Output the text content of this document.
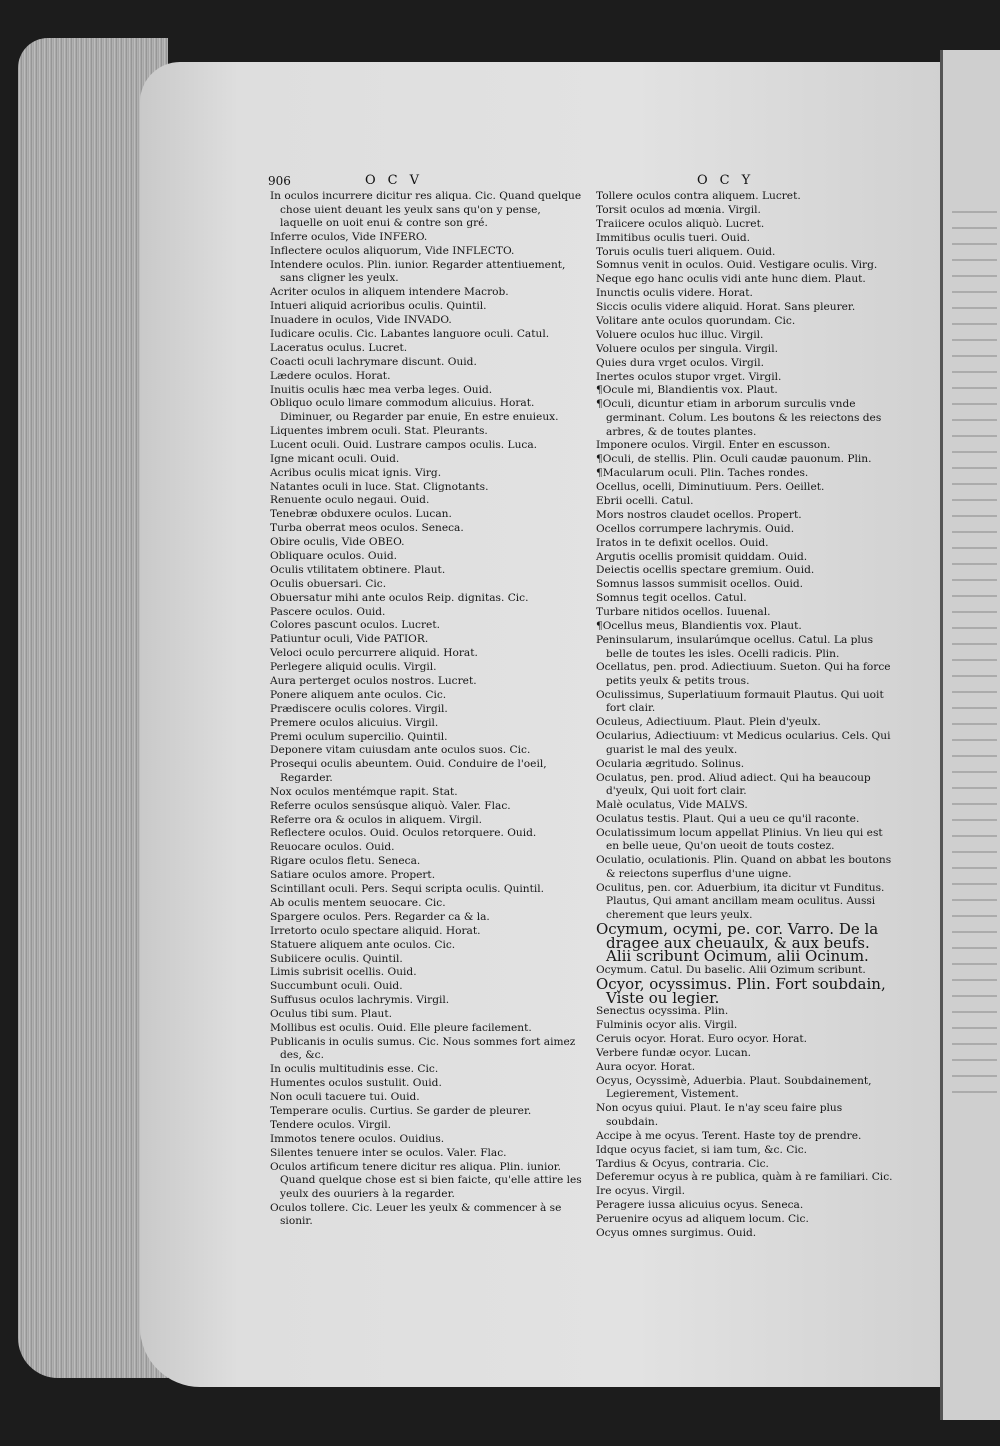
906	OCV	OCY
In oculos incurrere dicitur res aliqua. Cic. Quand quelque chose uient deuant les yeulx sans qu'on y pense, laquelle on uoit enui & contre son gré.
Inferre oculos, Vide INFERO.
Inflectere oculos aliquorum, Vide INFLECTO.
Intendere oculos. Plin. iunior. Regarder attentiuement, sans cligner les yeulx.
Acriter oculos in aliquem intendere Macrob.
Intueri aliquid acrioribus oculis. Quintil.
Inuadere in oculos, Vide INVADO.
Iudicare oculis. Cic. Labantes languore oculi. Catul.
Laceratus oculus. Lucret.
Coacti oculi lachrymare discunt. Ouid.
Lædere oculos. Horat.
Inuitis oculis hæc mea verba leges. Ouid.
Obliquo oculo limare commodum alicuius. Horat. Diminuer, ou Regarder par enuie, En estre enuieux.
Liquentes imbrem oculi. Stat. Pleurants.
Lucent oculi. Ouid. Lustrare campos oculis. Luca.
Igne micant oculi. Ouid.
Acribus oculis micat ignis. Virg.
Natantes oculi in luce. Stat. Clignotants.
Renuente oculo negaui. Ouid.
Tenebræ obduxere oculos. Lucan.
Turba oberrat meos oculos. Seneca.
Obire oculis, Vide OBEO.
Obliquare oculos. Ouid.
Oculis vtilitatem obtinere. Plaut.
Oculis obuersari. Cic.
Obuersatur mihi ante oculos Reip. dignitas. Cic.
Pascere oculos. Ouid.
Colores pascunt oculos. Lucret.
Patiuntur oculi, Vide PATIOR.
Veloci oculo percurrere aliquid. Horat.
Perlegere aliquid oculis. Virgil.
Aura perterget oculos nostros. Lucret.
Ponere aliquem ante oculos. Cic.
Prædiscere oculis colores. Virgil.
Premere oculos alicuius. Virgil.
Premi oculum supercilio. Quintil.
Deponere vitam cuiusdam ante oculos suos. Cic.
Prosequi oculis abeuntem. Ouid. Conduire de l'oeil, Regarder.
Nox oculos mentémque rapit. Stat.
Referre oculos sensúsque aliquò. Valer. Flac.
Referre ora & oculos in aliquem. Virgil.
Reflectere oculos. Ouid. Oculos retorquere. Ouid.
Reuocare oculos. Ouid.
Rigare oculos fletu. Seneca.
Satiare oculos amore. Propert.
Scintillant oculi. Pers. Sequi scripta oculis. Quintil.
Ab oculis mentem seuocare. Cic.
Spargere oculos. Pers. Regarder ca & la.
Irretorto oculo spectare aliquid. Horat.
Statuere aliquem ante oculos. Cic.
Subiicere oculis. Quintil.
Limis subrisit ocellis. Ouid.
Succumbunt oculi. Ouid.
Suffusus oculos lachrymis. Virgil.
Oculus tibi sum. Plaut.
Mollibus est oculis. Ouid. Elle pleure facilement.
Publicanis in oculis sumus. Cic. Nous sommes fort aimez des, &c.
In oculis multitudinis esse. Cic.
Humentes oculos sustulit. Ouid.
Non oculi tacuere tui. Ouid.
Temperare oculis. Curtius. Se garder de pleurer.
Tendere oculos. Virgil.
Immotos tenere oculos. Ouidius.
Silentes tenuere inter se oculos. Valer. Flac.
Oculos artificum tenere dicitur res aliqua. Plin. iunior. Quand quelque chose est si bien faicte, qu'elle attire les yeulx des ouuriers à la regarder.
Oculos tollere. Cic. Leuer les yeulx & commencer à se sionir.
Tollere oculos contra aliquem. Lucret.
Torsit oculos ad mœnia. Virgil.
Traiicere oculos aliquò. Lucret.
Immitibus oculis tueri. Ouid.
Toruis oculis tueri aliquem. Ouid.
Somnus venit in oculos. Ouid. Vestigare oculis. Virg.
Neque ego hanc oculis vidi ante hunc diem. Plaut.
Inunctis oculis videre. Horat.
Siccis oculis videre aliquid. Horat. Sans pleurer.
Volitare ante oculos quorundam. Cic.
Voluere oculos huc illuc. Virgil.
Voluere oculos per singula. Virgil.
Quies dura vrget oculos. Virgil.
Inertes oculos stupor vrget. Virgil.
¶Ocule mi, Blandientis vox. Plaut.
¶Oculi, dicuntur etiam in arborum surculis vnde germinant. Colum. Les boutons & les reiectons des arbres, & de toutes plantes.
Imponere oculos. Virgil. Enter en escusson.
¶Oculi, de stellis. Plin. Oculi caudæ pauonum. Plin.
¶Macularum oculi. Plin. Taches rondes.
Ocellus, ocelli, Diminutiuum. Pers. Oeillet.
Ebrii ocelli. Catul.
Mors nostros claudet ocellos. Propert.
Ocellos corrumpere lachrymis. Ouid.
Iratos in te defixit ocellos. Ouid.
Argutis ocellis promisit quiddam. Ouid.
Deiectis ocellis spectare gremium. Ouid.
Somnus lassos summisit ocellos. Ouid.
Somnus tegit ocellos. Catul.
Turbare nitidos ocellos. Iuuenal.
¶Ocellus meus, Blandientis vox. Plaut.
Peninsularum, insularúmque ocellus. Catul. La plus belle de toutes les isles. Ocelli radicis. Plin.
Ocellatus, pen. prod. Adiectiuum. Sueton. Qui ha force petits yeulx & petits trous.
Oculissimus, Superlatiuum formauit Plautus. Qui uoit fort clair.
Oculeus, Adiectiuum. Plaut. Plein d'yeulx.
Ocularius, Adiectiuum: vt Medicus ocularius. Cels. Qui guarist le mal des yeulx.
Ocularia ægritudo. Solinus.
Oculatus, pen. prod. Aliud adiect. Qui ha beaucoup d'yeulx, Qui uoit fort clair.
Malè oculatus, Vide MALVS.
Oculatus testis. Plaut. Qui a ueu ce qu'il raconte.
Oculatissimum locum appellat Plinius. Vn lieu qui est en belle ueue, Qu'on ueoit de touts costez.
Oculatio, oculationis. Plin. Quand on abbat les boutons & reiectons superflus d'une uigne.
Oculitus, pen. cor. Aduerbium, ita dicitur vt Funditus. Plautus, Qui amant ancillam meam oculitus. Aussi cherement que leurs yeulx.
Ocymum, ocymi, pe. cor. Varro. De la dragee aux cheuaulx, & aux beufs. Alii scribunt Ocimum, alii Ocinum.
Ocymum. Catul. Du baselic. Alii Ozimum scribunt.
Ocyor, ocyssimus. Plin. Fort soubdain, Viste ou legier.
Senectus ocyssima. Plin.
Fulminis ocyor alis. Virgil.
Ceruis ocyor. Horat. Euro ocyor. Horat.
Verbere fundæ ocyor. Lucan.
Aura ocyor. Horat.
Ocyus, Ocyssimè, Aduerbia. Plaut. Soubdainement, Legierement, Vistement.
Non ocyus quiui. Plaut. Ie n'ay sceu faire plus soubdain.
Accipe à me ocyus. Terent. Haste toy de prendre.
Idque ocyus faciet, si iam tum, &c. Cic.
Tardius & Ocyus, contraria. Cic.
Deferemur ocyus à re publica, quàm à re familiari. Cic.
Ire ocyus. Virgil.
Peragere iussa alicuius ocyus. Seneca.
Peruenire ocyus ad aliquem locum. Cic.
Ocyus omnes surgimus. Ouid.
